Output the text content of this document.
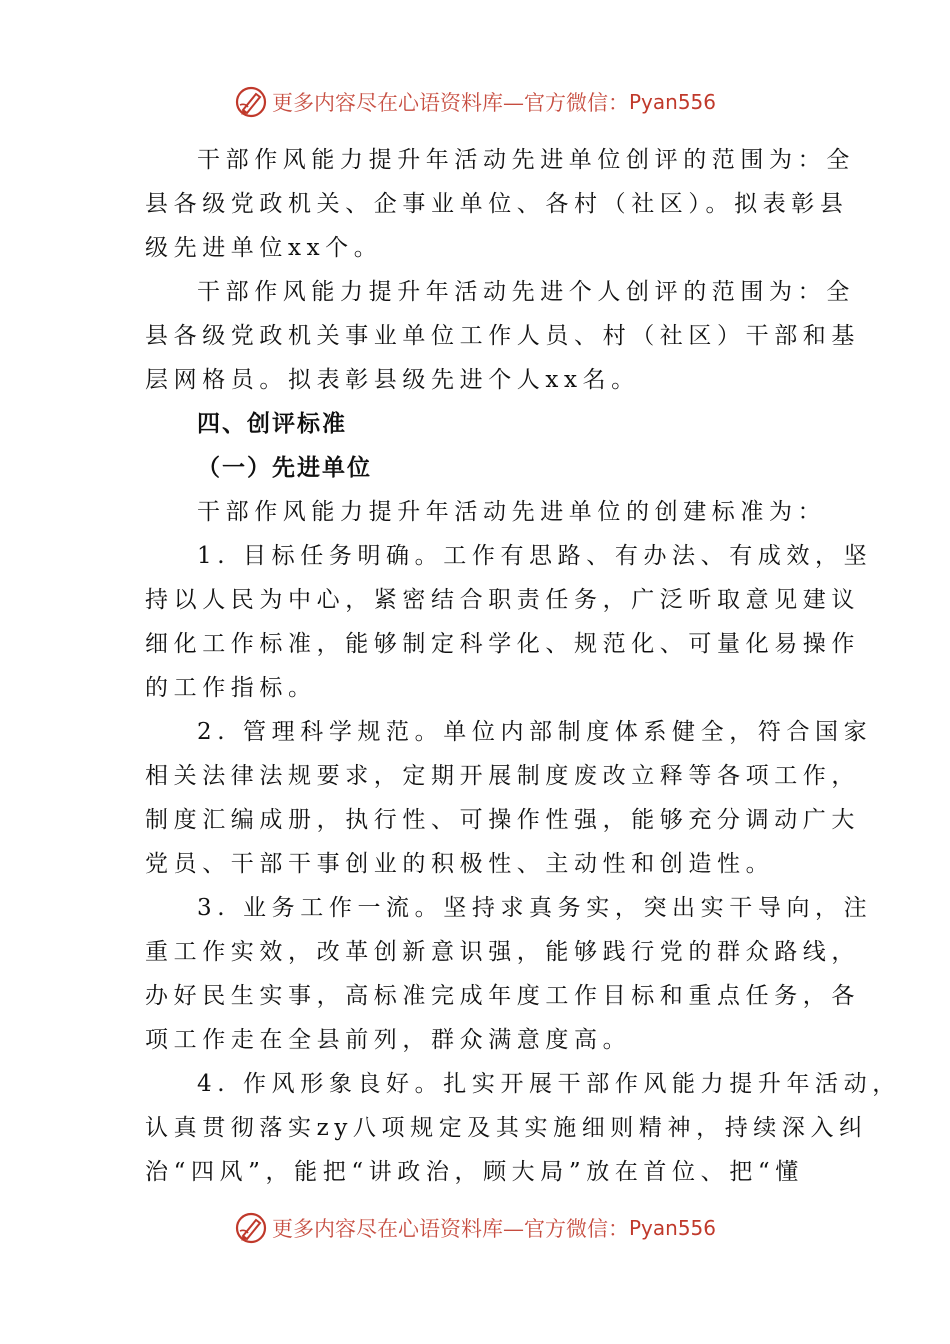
更多内容尽在心语资料库—官方微信： Pyan556
干部作风能力提升年活动先进单位创评的范围为：全
县各级党政机关、企事业单位、各村（社区）。拟表彰县
级先进单位xx个。
干部作风能力提升年活动先进个人创评的范围为：全
县各级党政机关事业单位工作人员、村（社区）干部和基
层网格员。拟表彰县级先进个人xx名。
四、创评标准
（一）先进单位
干部作风能力提升年活动先进单位的创建标准为：
1. 目标任务明确。工作有思路、有办法、有成效，坚
持以人民为中心，紧密结合职责任务，广泛听取意见建议
细化工作标准，能够制定科学化、规范化、可量化易操作
的工作指标。
2. 管理科学规范。单位内部制度体系健全，符合国家
相关法律法规要求，定期开展制度废改立释等各项工作，
制度汇编成册，执行性、可操作性强，能够充分调动广大
党员、干部干事创业的积极性、主动性和创造性。
3. 业务工作一流。坚持求真务实，突出实干导向，注
重工作实效，改革创新意识强，能够践行党的群众路线，
办好民生实事，高标准完成年度工作目标和重点任务，各
项工作走在全县前列，群众满意度高。
4. 作风形象良好。扎实开展干部作风能力提升年活动，
认真贯彻落实zy八项规定及其实施细则精神，持续深入纠
治“四风”，能把“讲政治，顾大局”放在首位、把“懂
更多内容尽在心语资料库—官方微信： Pyan556
